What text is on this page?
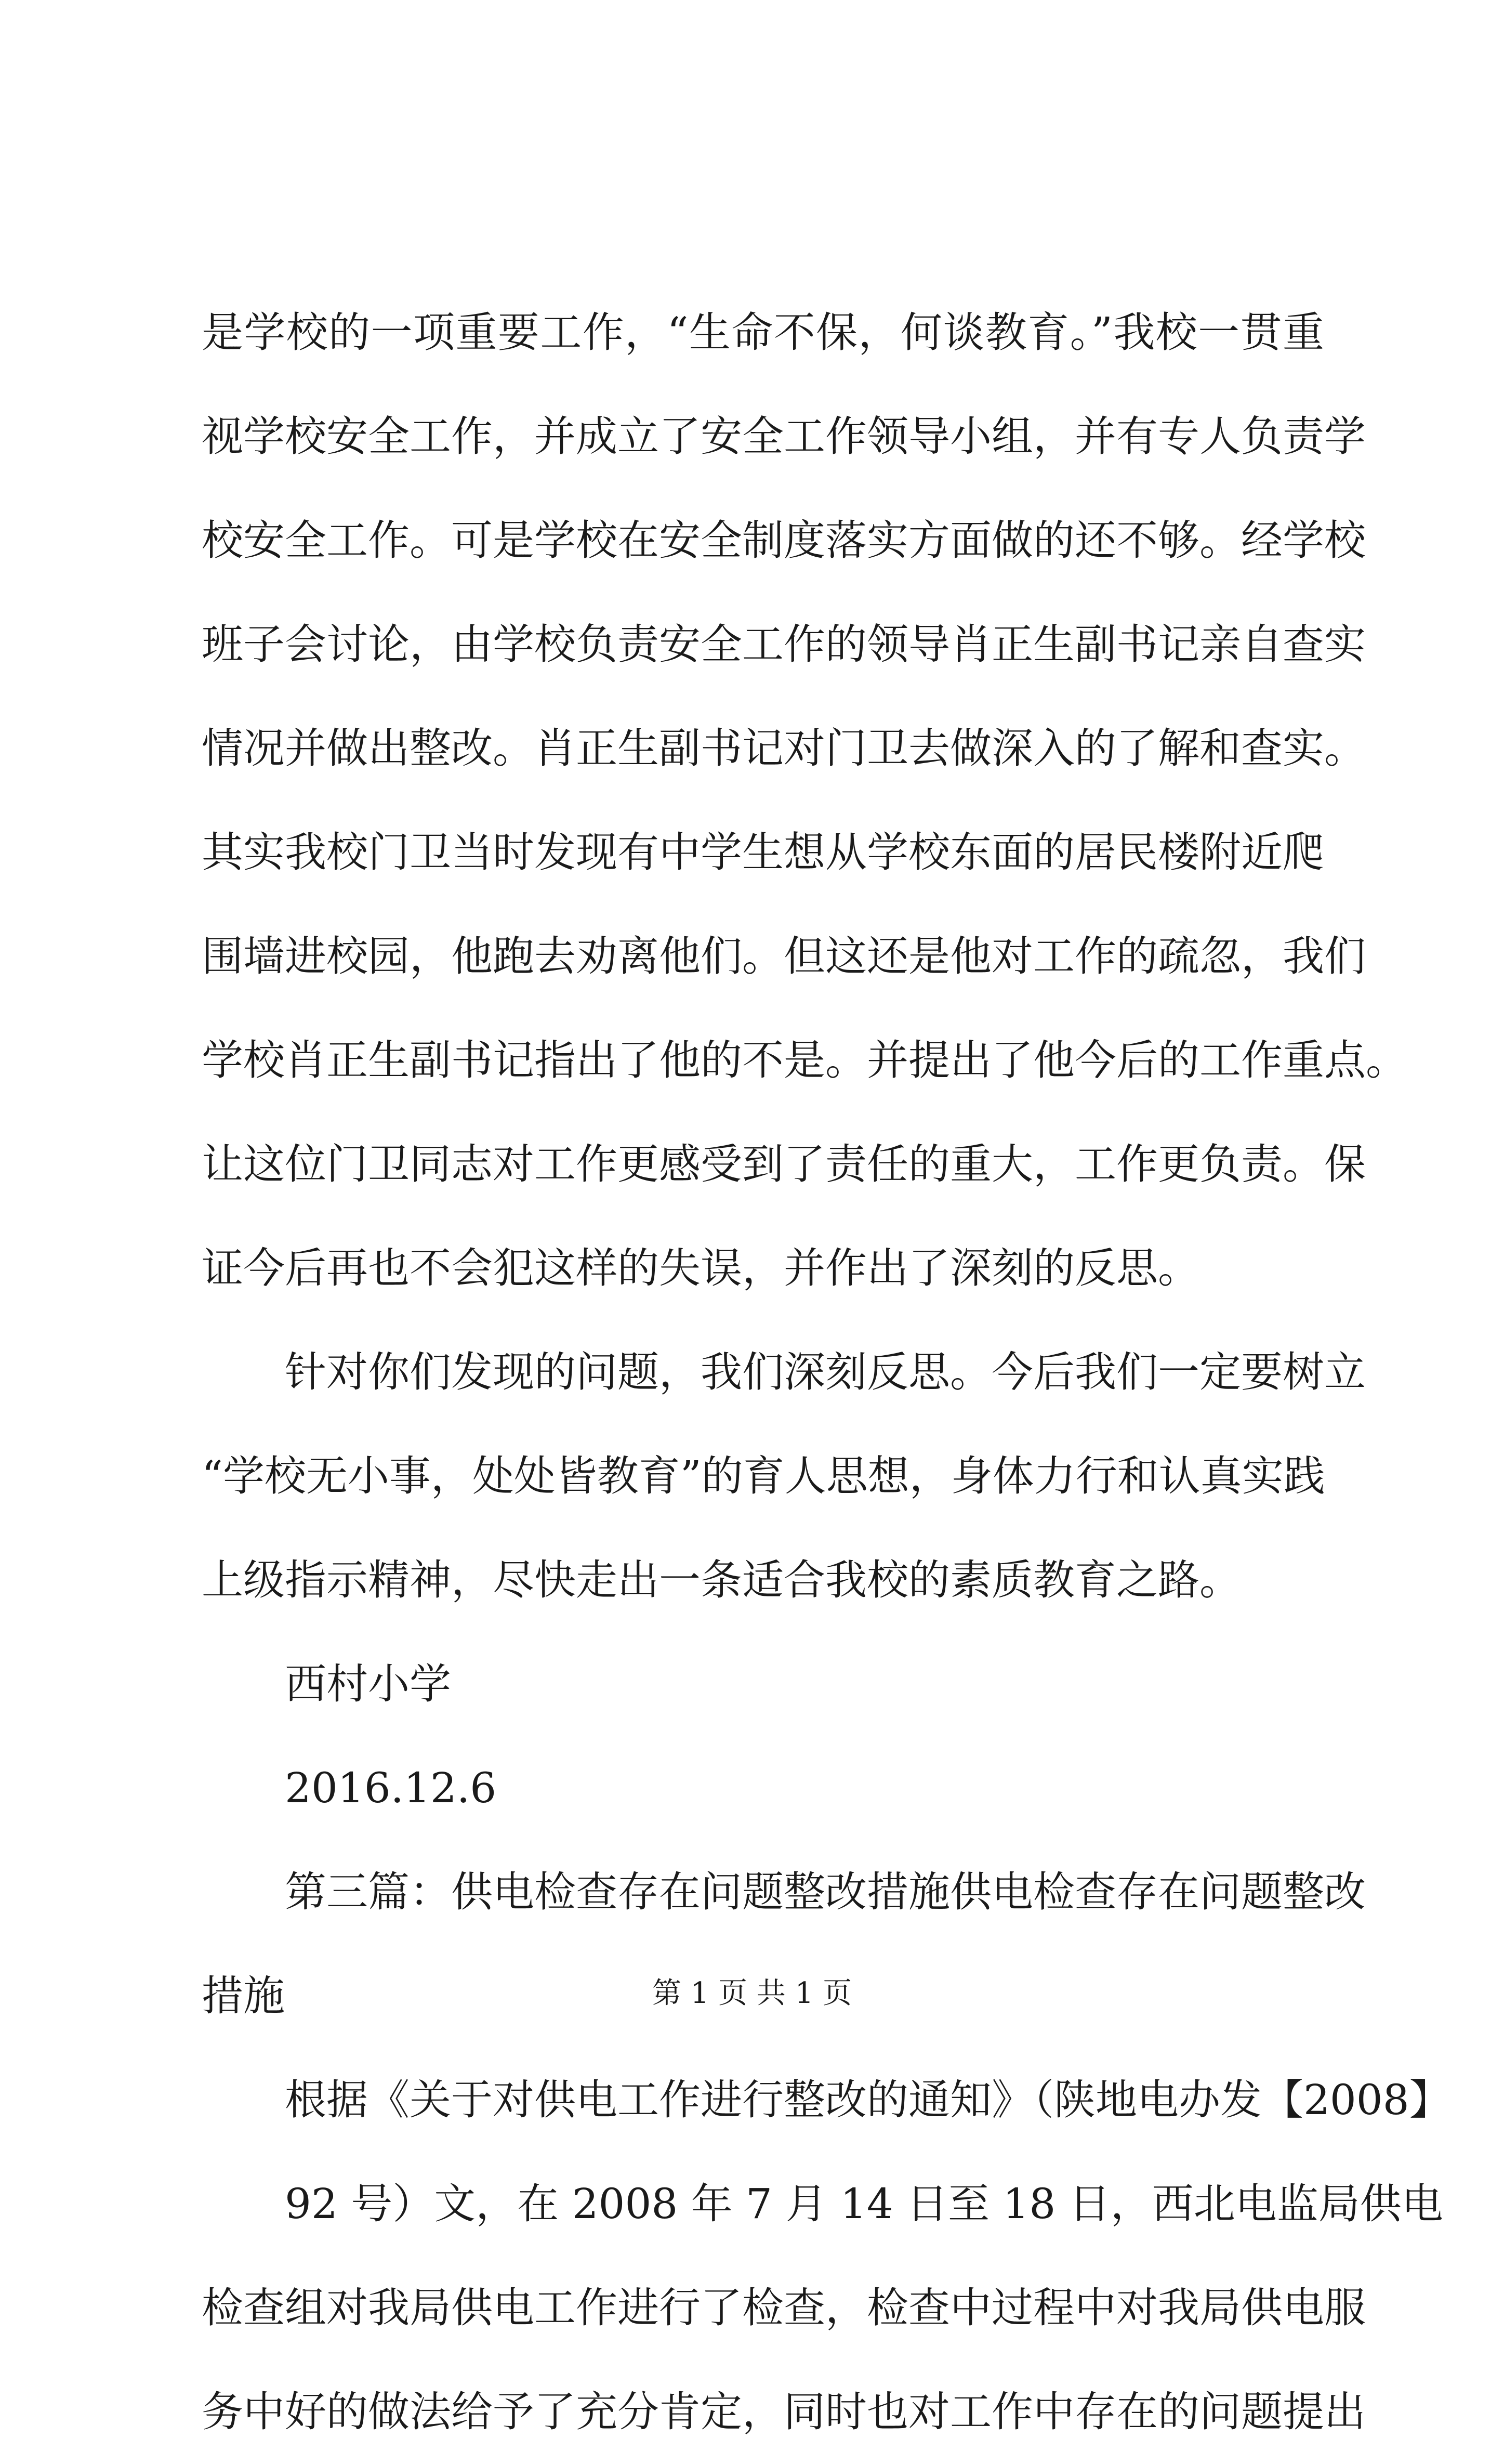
是学校的一项重要工作，“生命不保，何谈教育。”我校一贯重
视学校安全工作，并成立了安全工作领导小组，并有专人负责学
校安全工作。可是学校在安全制度落实方面做的还不够。经学校
班子会讨论，由学校负责安全工作的领导肖正生副书记亲自查实
情况并做出整改。肖正生副书记对门卫去做深入的了解和查实。
其实我校门卫当时发现有中学生想从学校东面的居民楼附近爬
围墙进校园，他跑去劝离他们。但这还是他对工作的疏忽，我们
学校肖正生副书记指出了他的不是。并提出了他今后的工作重点。
让这位门卫同志对工作更感受到了责任的重大，工作更负责。保
证今后再也不会犯这样的失误，并作出了深刻的反思。
针对你们发现的问题，我们深刻反思。今后我们一定要树立
“学校无小事，处处皆教育”的育人思想，身体力行和认真实践
上级指示精神，尽快走出一条适合我校的素质教育之路。
西村小学
2016.12.6
第三篇：供电检查存在问题整改措施供电检查存在问题整改
措施
根据《关于对供电工作进行整改的通知》（陕地电办发【2008】
92 号）文，在 2008 年 7 月 14 日至 18 日，西北电监局供电
检查组对我局供电工作进行了检查，检查中过程中对我局供电服
务中好的做法给予了充分肯定，同时也对工作中存在的问题提出
第 1 页 共 1 页
